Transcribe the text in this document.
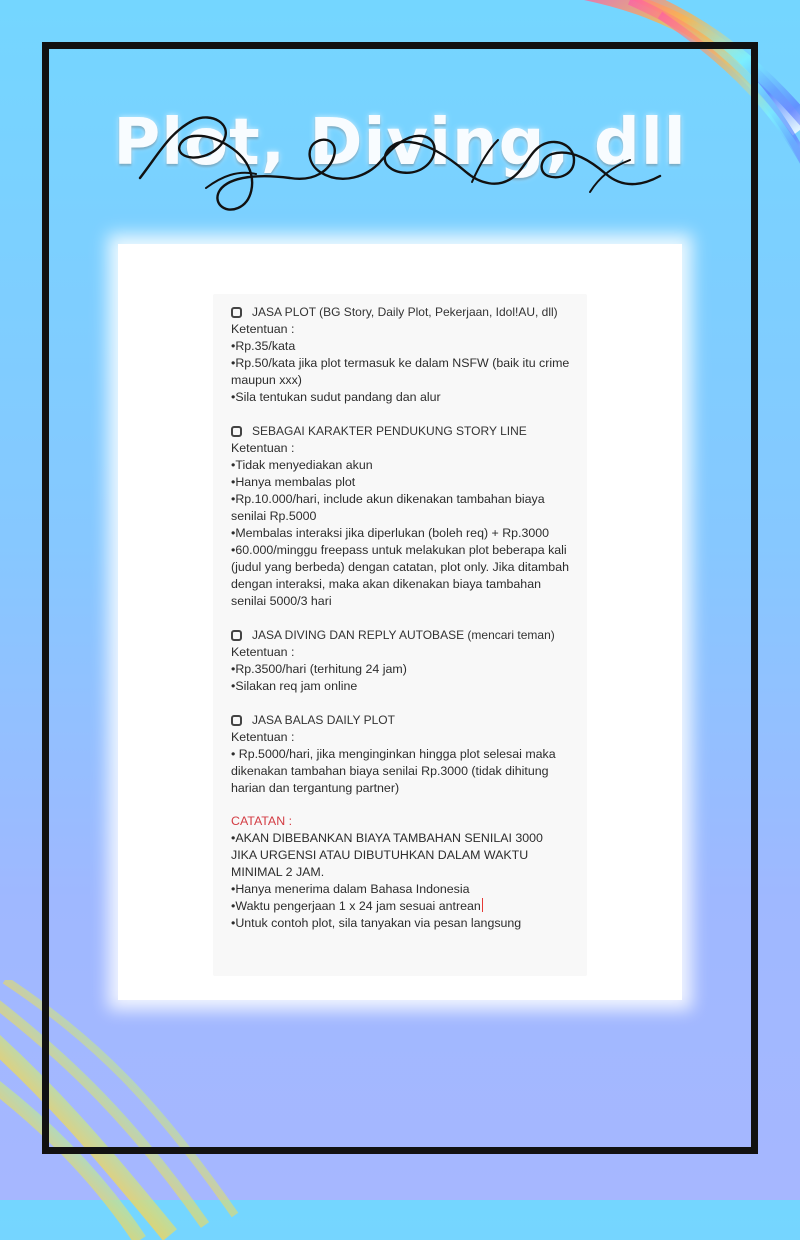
Plot, Diving, dll
JASA PLOT (BG Story, Daily Plot, Pekerjaan, Idol!AU, dll)
Ketentuan :
•Rp.35/kata
•Rp.50/kata jika plot termasuk ke dalam NSFW (baik itu crime maupun xxx)
•Sila tentukan sudut pandang dan alur
SEBAGAI KARAKTER PENDUKUNG STORY LINE
Ketentuan :
•Tidak menyediakan akun
•Hanya membalas plot
•Rp.10.000/hari, include akun dikenakan tambahan biaya senilai Rp.5000
•Membalas interaksi jika diperlukan (boleh req) + Rp.3000
•60.000/minggu freepass untuk melakukan plot beberapa kali (judul yang berbeda) dengan catatan, plot only. Jika ditambah dengan interaksi, maka akan dikenakan biaya tambahan senilai 5000/3 hari
JASA DIVING DAN REPLY AUTOBASE (mencari teman)
Ketentuan :
•Rp.3500/hari (terhitung 24 jam)
•Silakan req jam online
JASA BALAS DAILY PLOT
Ketentuan :
• Rp.5000/hari, jika menginginkan hingga plot selesai maka dikenakan tambahan biaya senilai Rp.3000 (tidak dihitung harian dan tergantung partner)
CATATAN :
•AKAN DIBEBANKAN BIAYA TAMBAHAN SENILAI 3000 JIKA URGENSI ATAU DIBUTUHKAN DALAM WAKTU MINIMAL 2 JAM.
•Hanya menerima dalam Bahasa Indonesia
•Waktu pengerjaan 1 x 24 jam sesuai antrean
•Untuk contoh plot, sila tanyakan via pesan langsung
